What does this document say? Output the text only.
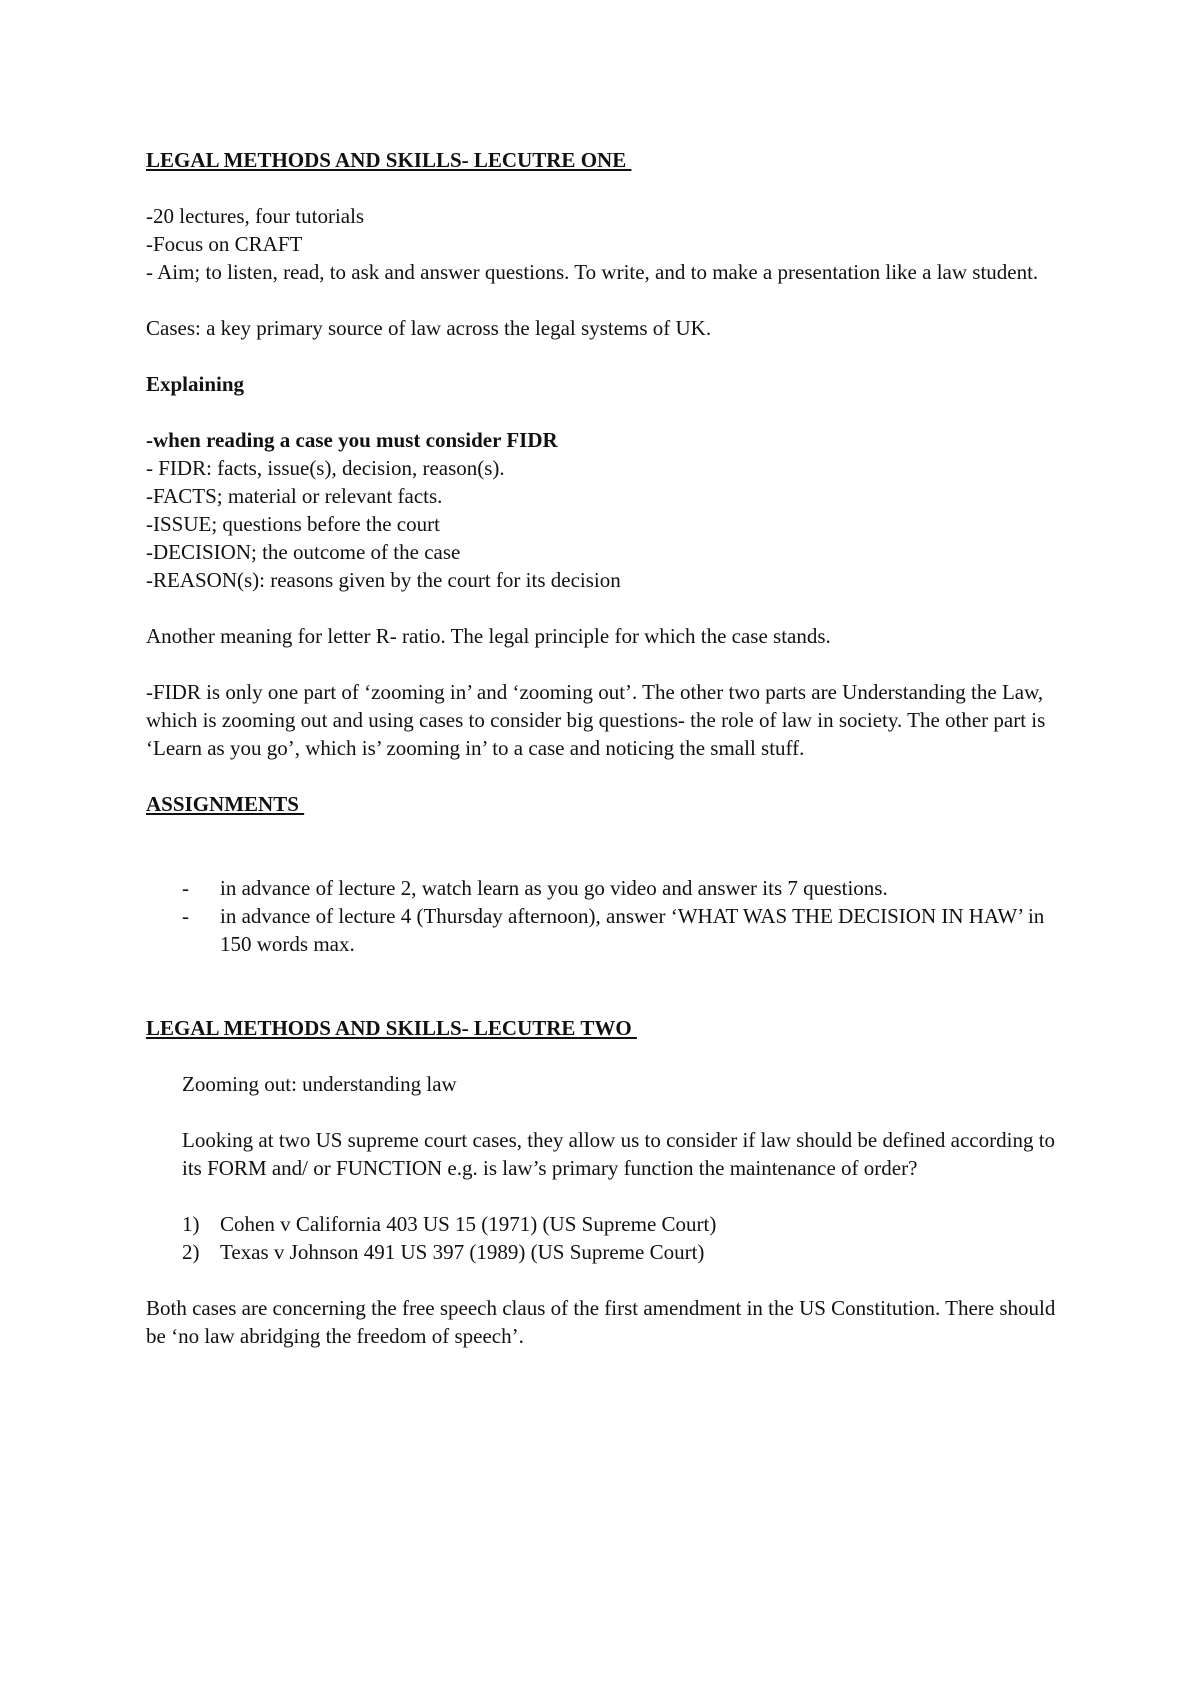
LEGAL METHODS AND SKILLS- LECUTRE ONE

-20 lectures, four tutorials

-Focus on CRAFT

- Aim; to listen, read, to ask and answer questions. To write, and to make a presentation like a law student.

Cases: a key primary source of law across the legal systems of UK.

Explaining

-when reading a case you must consider FIDR

- FIDR: facts, issue(s), decision, reason(s).

-FACTS; material or relevant facts.

-ISSUE; questions before the court

-DECISION; the outcome of the case

-REASON(s): reasons given by the court for its decision

Another meaning for letter R- ratio. The legal principle for which the case stands.

-FIDR is only one part of ‘zooming in’ and ‘zooming out’. The other two parts are Understanding the Law, which is zooming out and using cases to consider big questions- the role of law in society. The other part is ‘Learn as you go’, which is’ zooming in’ to a case and noticing the small stuff.

ASSIGNMENTS

-	in advance of lecture 2, watch learn as you go video and answer its 7 questions.
-	in advance of lecture 4 (Thursday afternoon), answer ‘WHAT WAS THE DECISION IN HAW’ in 150 words max.

LEGAL METHODS AND SKILLS- LECUTRE TWO

Zooming out: understanding law

Looking at two US supreme court cases, they allow us to consider if law should be defined according to its FORM and/ or FUNCTION e.g. is law’s primary function the maintenance of order?

1) Cohen v California 403 US 15 (1971) (US Supreme Court)
2) Texas v Johnson 491 US 397 (1989) (US Supreme Court)

Both cases are concerning the free speech claus of the first amendment in the US Constitution. There should be ‘no law abridging the freedom of speech’.
